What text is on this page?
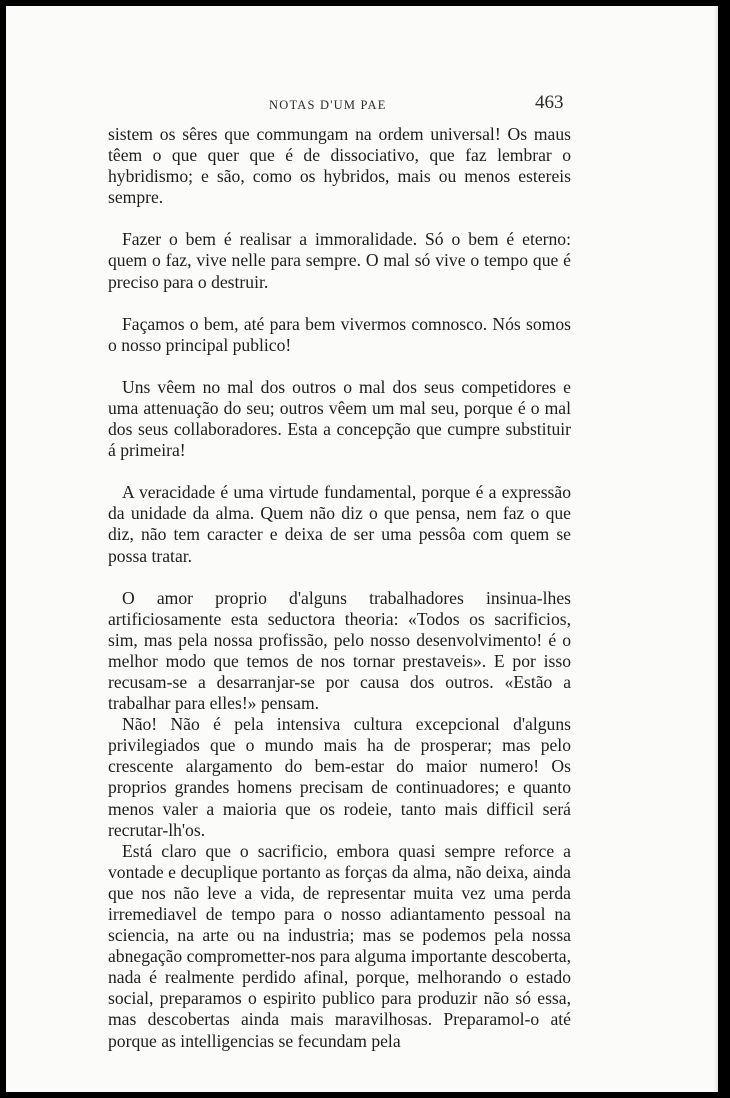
NOTAS D'UM PAE	463

sistem os sêres que commungam na ordem universal! Os maus têem o que quer que é de dissociativo, que faz lembrar o hybridismo; e são, como os hybridos, mais ou menos estereis sempre.

Fazer o bem é realisar a immoralidade. Só o bem é eterno: quem o faz, vive nelle para sempre. O mal só vive o tempo que é preciso para o destruir.

Façamos o bem, até para bem vivermos comnosco. Nós somos o nosso principal publico!

Uns vêem no mal dos outros o mal dos seus competidores e uma attenuação do seu; outros vêem um mal seu, porque é o mal dos seus collaboradores. Esta a concepção que cumpre substituir á primeira!

A veracidade é uma virtude fundamental, porque é a expressão da unidade da alma. Quem não diz o que pensa, nem faz o que diz, não tem caracter e deixa de ser uma pessôa com quem se possa tratar.

O amor proprio d'alguns trabalhadores insinua-lhes artificiosamente esta seductora theoria: «Todos os sacrificios, sim, mas pela nossa profissão, pelo nosso desenvolvimento! é o melhor modo que temos de nos tornar prestaveis». E por isso recusam-se a desarranjar-se por causa dos outros. «Estão a trabalhar para elles!» pensam.

Não! Não é pela intensiva cultura excepcional d'alguns privilegiados que o mundo mais ha de prosperar; mas pelo crescente alargamento do bem-estar do maior numero! Os proprios grandes homens precisam de continuadores; e quanto menos valer a maioria que os rodeie, tanto mais difficil será recrutar-lh'os.

Está claro que o sacrificio, embora quasi sempre reforce a vontade e decuplique portanto as forças da alma, não deixa, ainda que nos não leve a vida, de representar muita vez uma perda irremediavel de tempo para o nosso adiantamento pessoal na sciencia, na arte ou na industria; mas se podemos pela nossa abnegação comprometter-nos para alguma importante descoberta, nada é realmente perdido afinal, porque, melhorando o estado social, preparamos o espirito publico para produzir não só essa, mas descobertas ainda mais maravilhosas. Preparamol-o até porque as intelligencias se fecundam pela
